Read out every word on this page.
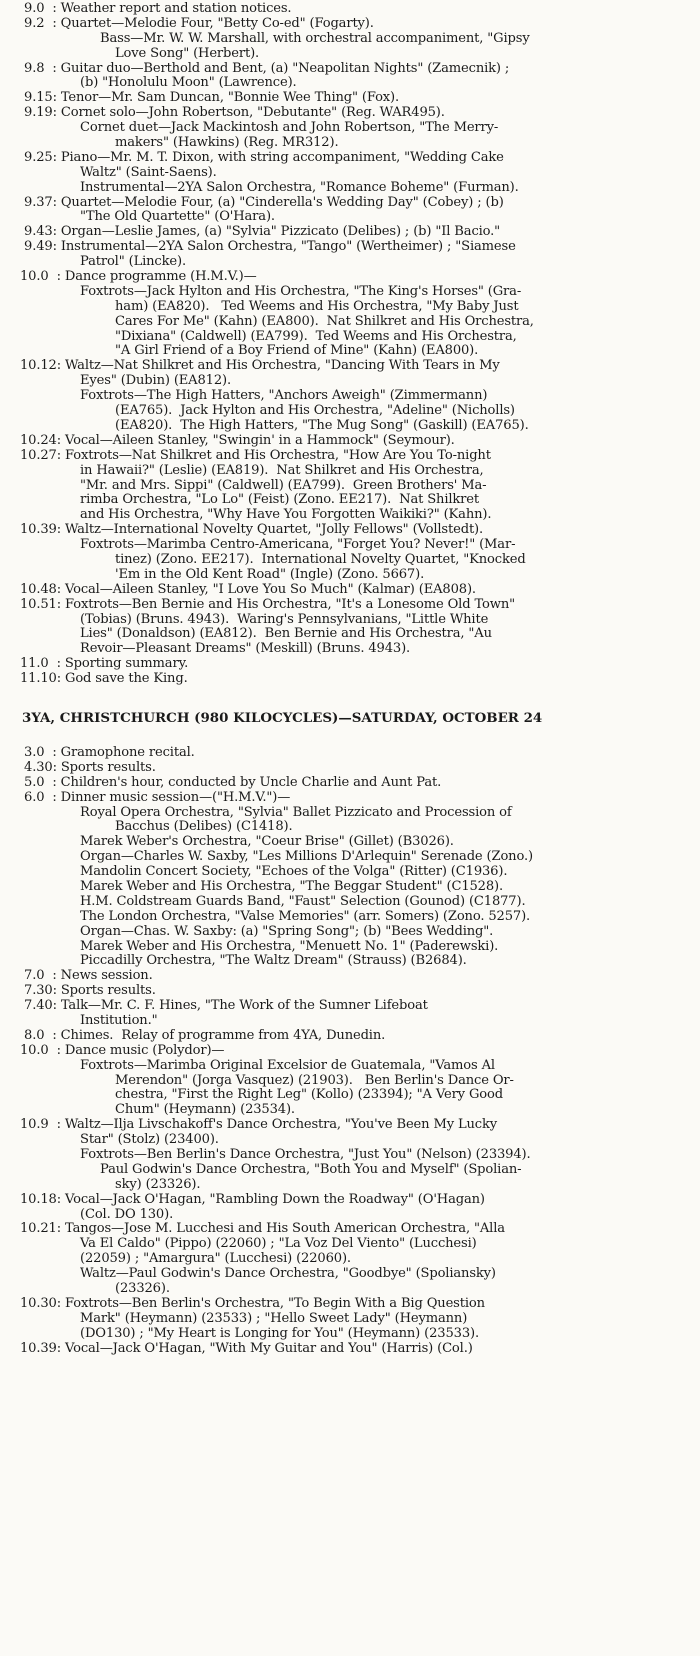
9.0  : Weather report and station notices.
9.2  : Quartet—Melodie Four, "Betty Co-ed" (Fogarty).
Bass—Mr. W. W. Marshall, with orchestral accompaniment, "Gipsy
Love Song" (Herbert).
9.8  : Guitar duo—Berthold and Bent, (a) "Neapolitan Nights" (Zamecnik) ;
(b) "Honolulu Moon" (Lawrence).
9.15: Tenor—Mr. Sam Duncan, "Bonnie Wee Thing" (Fox).
9.19: Cornet solo—John Robertson, "Debutante" (Reg. WAR495).
Cornet duet—Jack Mackintosh and John Robertson, "The Merry-
makers" (Hawkins) (Reg. MR312).
9.25: Piano—Mr. M. T. Dixon, with string accompaniment, "Wedding Cake
Waltz" (Saint-Saens).
Instrumental—2YA Salon Orchestra, "Romance Boheme" (Furman).
9.37: Quartet—Melodie Four, (a) "Cinderella's Wedding Day" (Cobey) ; (b)
"The Old Quartette" (O'Hara).
9.43: Organ—Leslie James, (a) "Sylvia" Pizzicato (Delibes) ; (b) "Il Bacio."
9.49: Instrumental—2YA Salon Orchestra, "Tango" (Wertheimer) ; "Siamese
Patrol" (Lincke).
10.0  : Dance programme (H.M.V.)—
Foxtrots—Jack Hylton and His Orchestra, "The King's Horses" (Gra-
ham) (EA820).   Ted Weems and His Orchestra, "My Baby Just
Cares For Me" (Kahn) (EA800).  Nat Shilkret and His Orchestra,
"Dixiana" (Caldwell) (EA799).  Ted Weems and His Orchestra,
"A Girl Friend of a Boy Friend of Mine" (Kahn) (EA800).
10.12: Waltz—Nat Shilkret and His Orchestra, "Dancing With Tears in My
Eyes" (Dubin) (EA812).
Foxtrots—The High Hatters, "Anchors Aweigh" (Zimmermann)
(EA765).  Jack Hylton and His Orchestra, "Adeline" (Nicholls)
(EA820).  The High Hatters, "The Mug Song" (Gaskill) (EA765).
10.24: Vocal—Aileen Stanley, "Swingin' in a Hammock" (Seymour).
10.27: Foxtrots—Nat Shilkret and His Orchestra, "How Are You To-night
in Hawaii?" (Leslie) (EA819).  Nat Shilkret and His Orchestra,
"Mr. and Mrs. Sippi" (Caldwell) (EA799).  Green Brothers' Ma-
rimba Orchestra, "Lo Lo" (Feist) (Zono. EE217).  Nat Shilkret
and His Orchestra, "Why Have You Forgotten Waikiki?" (Kahn).
10.39: Waltz—International Novelty Quartet, "Jolly Fellows" (Vollstedt).
Foxtrots—Marimba Centro-Americana, "Forget You? Never!" (Mar-
tinez) (Zono. EE217).  International Novelty Quartet, "Knocked
'Em in the Old Kent Road" (Ingle) (Zono. 5667).
10.48: Vocal—Aileen Stanley, "I Love You So Much" (Kalmar) (EA808).
10.51: Foxtrots—Ben Bernie and His Orchestra, "It's a Lonesome Old Town"
(Tobias) (Bruns. 4943).  Waring's Pennsylvanians, "Little White
Lies" (Donaldson) (EA812).  Ben Bernie and His Orchestra, "Au
Revoir—Pleasant Dreams" (Meskill) (Bruns. 4943).
11.0  : Sporting summary.
11.10: God save the King.
3YA, CHRISTCHURCH (980 KILOCYCLES)—SATURDAY, OCTOBER 24
3.0  : Gramophone recital.
4.30: Sports results.
5.0  : Children's hour, conducted by Uncle Charlie and Aunt Pat.
6.0  : Dinner music session—("H.M.V.")—
Royal Opera Orchestra, "Sylvia" Ballet Pizzicato and Procession of
Bacchus (Delibes) (C1418).
Marek Weber's Orchestra, "Coeur Brise" (Gillet) (B3026).
Organ—Charles W. Saxby, "Les Millions D'Arlequin" Serenade (Zono.)
Mandolin Concert Society, "Echoes of the Volga" (Ritter) (C1936).
Marek Weber and His Orchestra, "The Beggar Student" (C1528).
H.M. Coldstream Guards Band, "Faust" Selection (Gounod) (C1877).
The London Orchestra, "Valse Memories" (arr. Somers) (Zono. 5257).
Organ—Chas. W. Saxby: (a) "Spring Song"; (b) "Bees Wedding".
Marek Weber and His Orchestra, "Menuett No. 1" (Paderewski).
Piccadilly Orchestra, "The Waltz Dream" (Strauss) (B2684).
7.0  : News session.
7.30: Sports results.
7.40: Talk—Mr. C. F. Hines, "The Work of the Sumner Lifeboat
Institution."
8.0  : Chimes.  Relay of programme from 4YA, Dunedin.
10.0  : Dance music (Polydor)—
Foxtrots—Marimba Original Excelsior de Guatemala, "Vamos Al
Merendon" (Jorga Vasquez) (21903).   Ben Berlin's Dance Or-
chestra, "First the Right Leg" (Kollo) (23394); "A Very Good
Chum" (Heymann) (23534).
10.9  : Waltz—Ilja Livschakoff's Dance Orchestra, "You've Been My Lucky
Star" (Stolz) (23400).
Foxtrots—Ben Berlin's Dance Orchestra, "Just You" (Nelson) (23394).
Paul Godwin's Dance Orchestra, "Both You and Myself" (Spolian-
sky) (23326).
10.18: Vocal—Jack O'Hagan, "Rambling Down the Roadway" (O'Hagan)
(Col. DO 130).
10.21: Tangos—Jose M. Lucchesi and His South American Orchestra, "Alla
Va El Caldo" (Pippo) (22060) ; "La Voz Del Viento" (Lucchesi)
(22059) ; "Amargura" (Lucchesi) (22060).
Waltz—Paul Godwin's Dance Orchestra, "Goodbye" (Spoliansky)
(23326).
10.30: Foxtrots—Ben Berlin's Orchestra, "To Begin With a Big Question
Mark" (Heymann) (23533) ; "Hello Sweet Lady" (Heymann)
(DO130) ; "My Heart is Longing for You" (Heymann) (23533).
10.39: Vocal—Jack O'Hagan, "With My Guitar and You" (Harris) (Col.)
